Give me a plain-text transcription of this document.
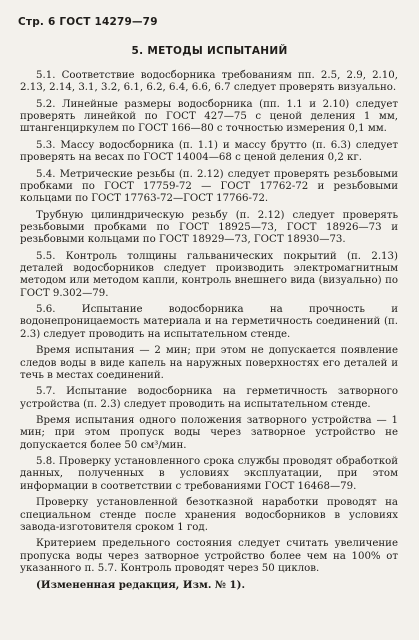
Стр. 6 ГОСТ 14279—79
5. МЕТОДЫ ИСПЫТАНИЙ

5.1. Соответствие водосборника требованиям пп. 2.5, 2.9, 2.10, 2.13, 2.14, 3.1, 3.2, 6.1, 6.2, 6.4, 6.6, 6.7 следует проверять визуально.

5.2. Линейные размеры водосборника (пп. 1.1 и 2.10) следует проверять линейкой по ГОСТ 427—75 с ценой деления 1 мм, штангенциркулем по ГОСТ 166—80 с точностью измерения 0,1 мм.

5.3. Массу водосборника (п. 1.1) и массу брутто (п. 6.3) следует проверять на весах по ГОСТ 14004—68 с ценой деления 0,2 кг.

5.4. Метрические резьбы (п. 2.12) следует проверять резьбовыми пробками по ГОСТ 17759-72 — ГОСТ 17762-72 и резьбовыми кольцами по ГОСТ 17763-72—ГОСТ 17766-72.

Трубную цилиндрическую резьбу (п. 2.12) следует проверять резьбовыми пробками по ГОСТ 18925—73, ГОСТ 18926—73 и резьбовыми кольцами по ГОСТ 18929—73, ГОСТ 18930—73.

5.5. Контроль толщины гальванических покрытий (п. 2.13) деталей водосборников следует производить электромагнитным методом или методом капли, контроль внешнего вида (визуально) по ГОСТ 9.302—79.

5.6. Испытание водосборника на прочность и водонепроницаемость материала и на герметичность соединений (п. 2.3) следует проводить на испытательном стенде.

Время испытания — 2 мин; при этом не допускается появление следов воды в виде капель на наружных поверхностях его деталей и течь в местах соединений.

5.7. Испытание водосборника на герметичность затворного устройства (п. 2.3) следует проводить на испытательном стенде.

Время испытания одного положения затворного устройства — 1 мин; при этом пропуск воды через затворное устройство не допускается более 50 см³/мин.

5.8. Проверку установленного срока службы проводят обработкой данных, полученных в условиях эксплуатации, при этом информации в соответствии с требованиями ГОСТ 16468—79.

Проверку установленной безотказной наработки проводят на специальном стенде после хранения водосборников в условиях завода-изготовителя сроком 1 год.

Критерием предельного состояния следует считать увеличение пропуска воды через затворное устройство более чем на 100% от указанного п. 5.7. Контроль проводят через 50 циклов.

(Измененная редакция, Изм. № 1).
